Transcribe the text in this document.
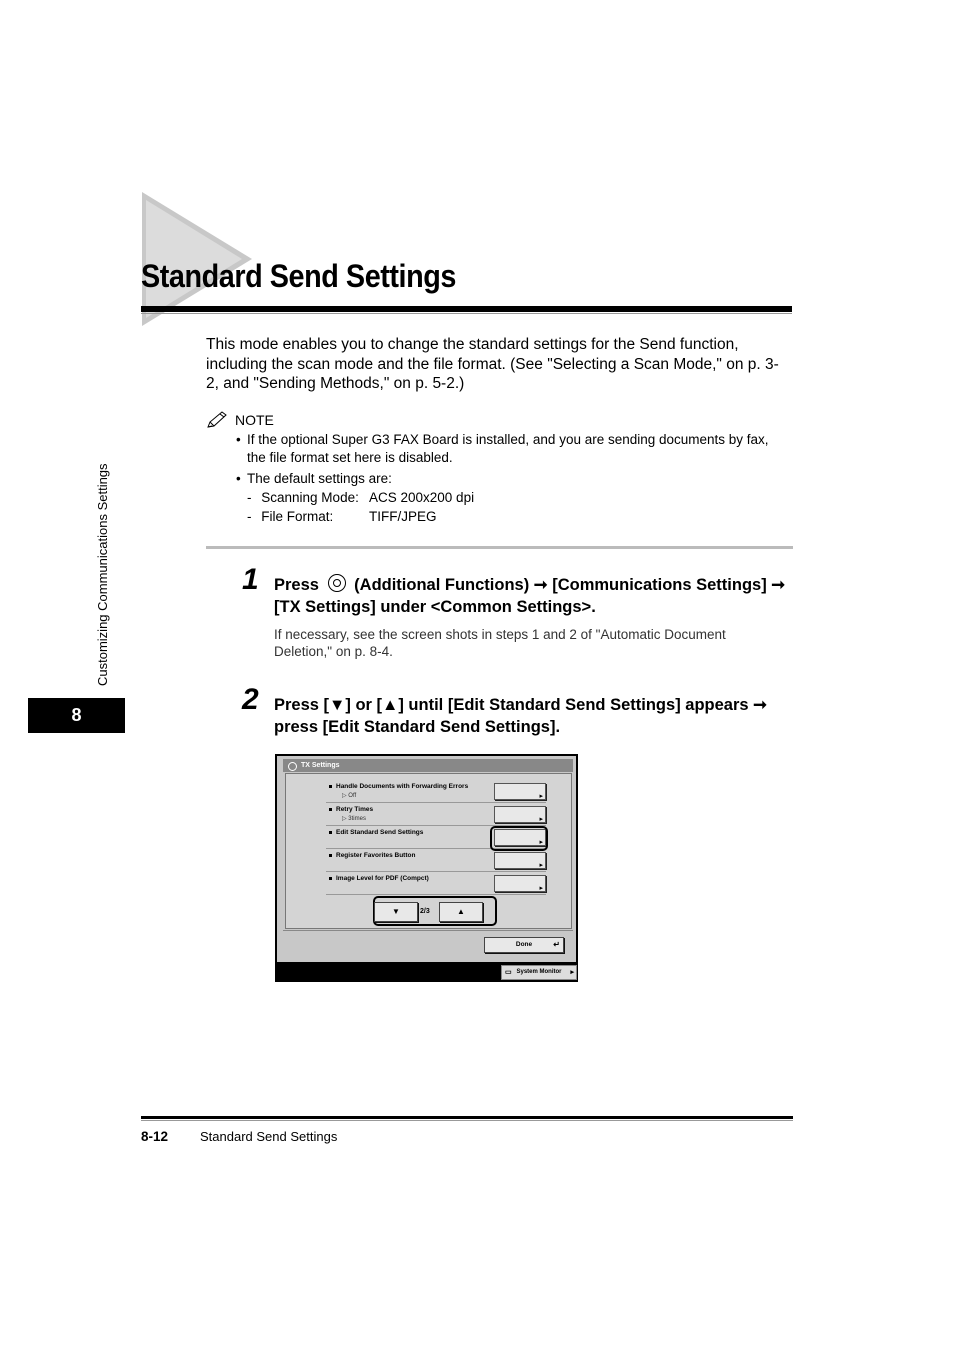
Standard Send Settings
This mode enables you to change the standard settings for the Send function, including the scan mode and the file format. (See "Selecting a Scan Mode," on p. 3-2, and "Sending Methods," on p. 5-2.)
NOTE
• If the optional Super G3 FAX Board is installed, and you are sending documents by fax, the file format set here is disabled.
• The default settings are:
- Scanning Mode: ACS 200x200 dpi
- File Format:	TIFF/JPEG
1 Press (Additional Functions) ➞ [Communications Settings] ➞ [TX Settings] under <Common Settings>.
If necessary, see the screen shots in steps 1 and 2 of "Automatic Document Deletion," on p. 8-4.
2 Press [▼] or [▲] until [Edit Standard Send Settings] appears ➞ press [Edit Standard Send Settings].
TX Settings
Handle Documents with Forwarding Errors
▷ Off
▸
Retry Times
▷ 3times
▸
Edit Standard Send Settings
▸
Register Favorites Button
▸
Image Level for PDF (Compct)
▸
▼	2/3	▲
Done ↵
▭ System Monitor ▸
Customizing Communications Settings
8
8-12 Standard Send Settings
